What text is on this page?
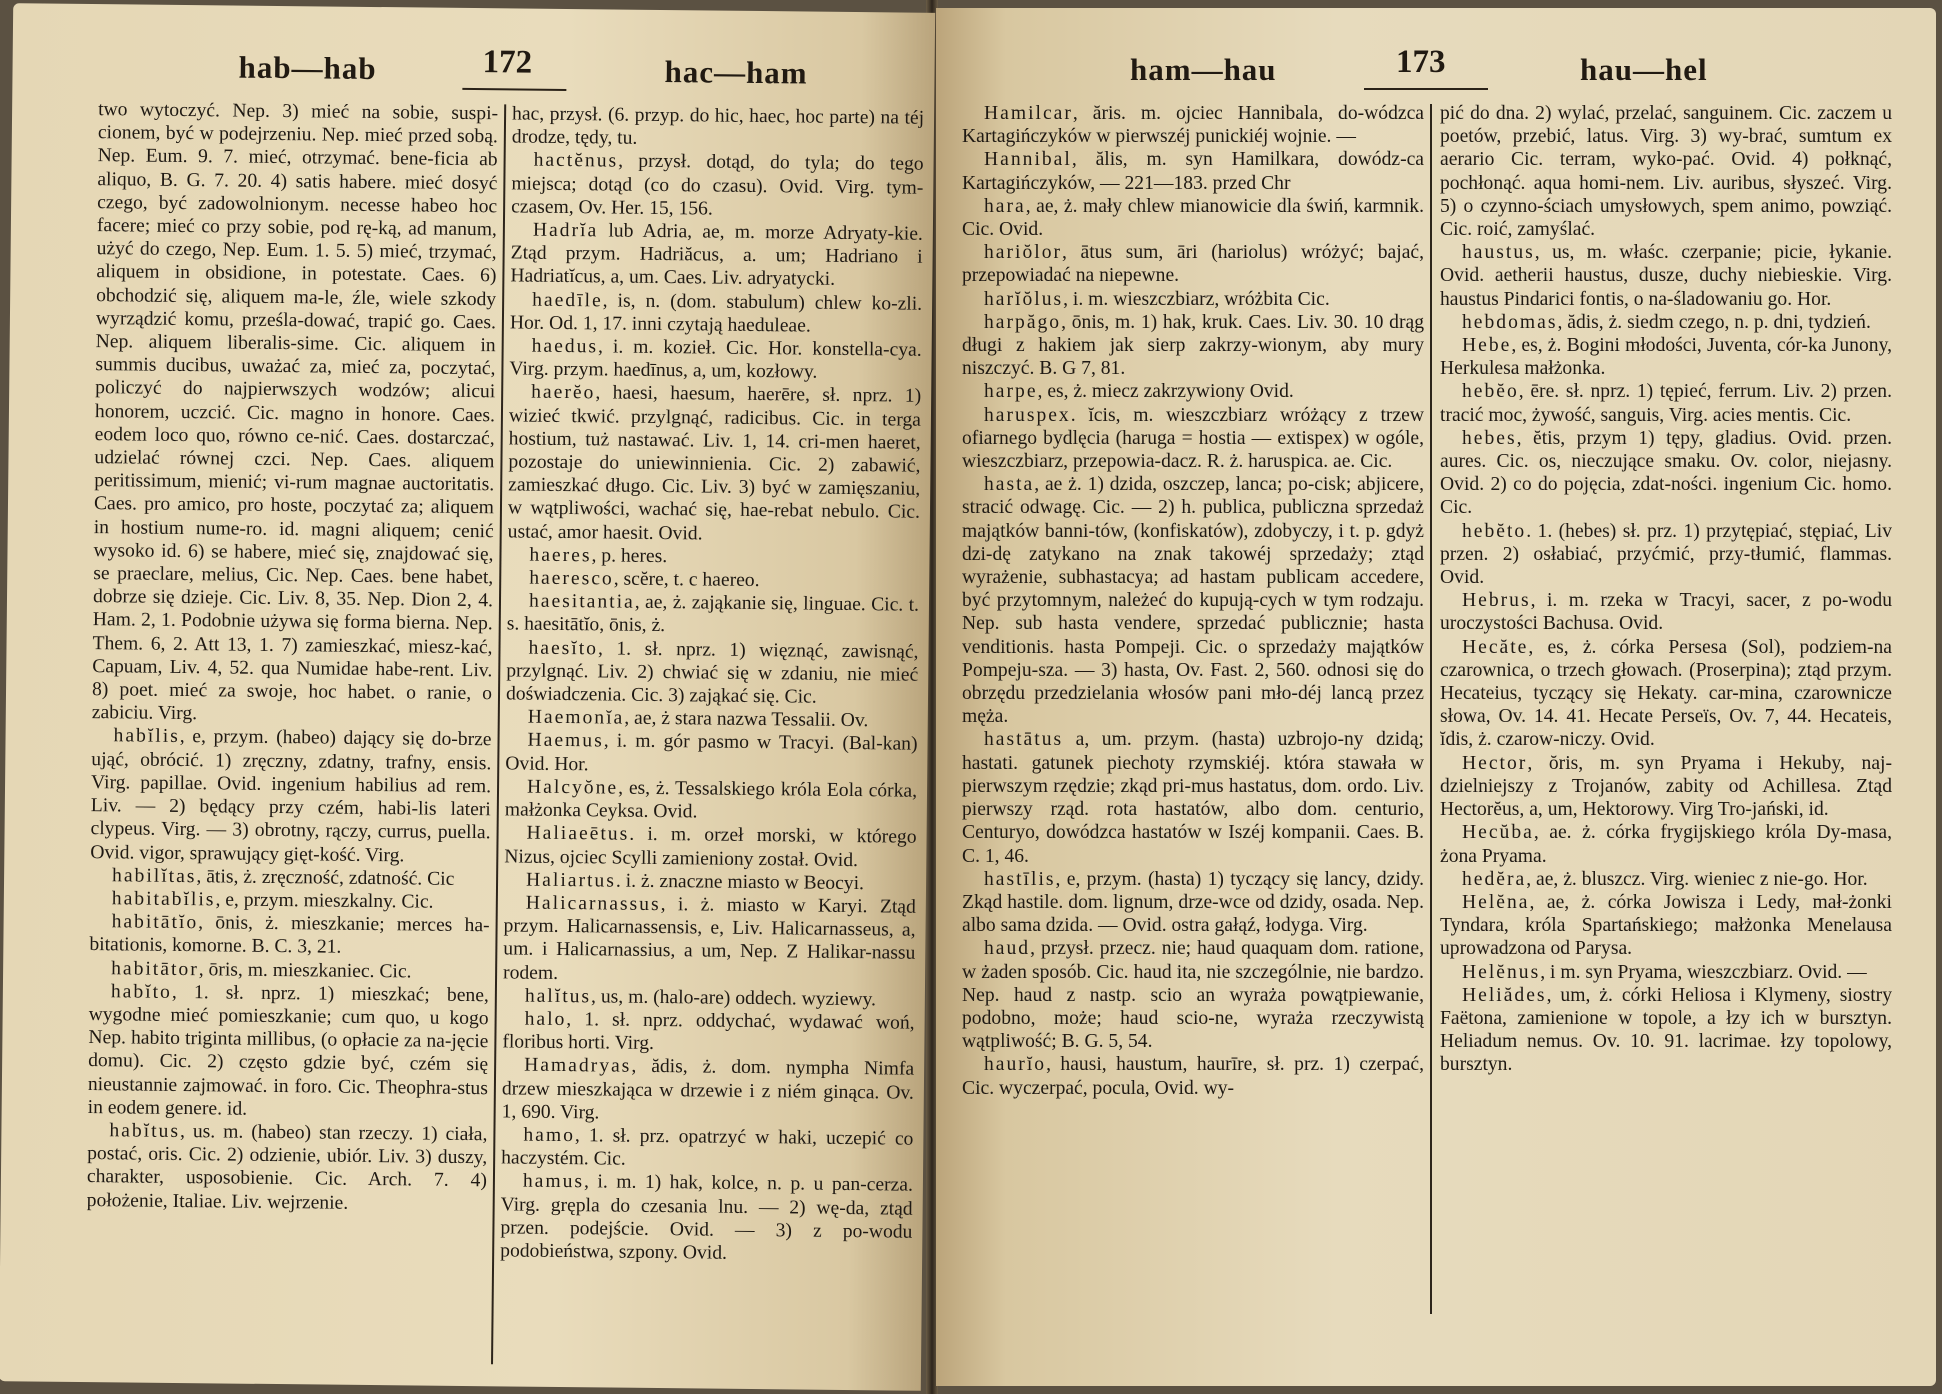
hab—hab	172	hac—ham

two wytoczyć. Nep. 3) mieć na sobie, suspi-cionem, być w podejrzeniu. Nep. mieć przed sobą. Nep. Eum. 9. 7. mieć, otrzymać. bene-ficia ab aliquo, B. G. 7. 20. 4) satis habere. mieć dosyć czego, być zadowolnionym. necesse habeo hoc facere; mieć co przy sobie, pod rę-ką, ad manum, użyć do czego, Nep. Eum. 1. 5. 5) mieć, trzymać, aliquem in obsidione, in potestate. Caes. 6) obchodzić się, aliquem ma-le, źle, wiele szkody wyrządzić komu, prześla-dować, trapić go. Caes. Nep. aliquem liberalis-sime. Cic. aliquem in summis ducibus, uważać za, mieć za, poczytać, policzyć do najpierwszych wodzów; alicui honorem, uczcić. Cic. magno in honore. Caes. eodem loco quo, równo ce-nić. Caes. dostarczać, udzielać równej czci. Nep. Caes. aliquem peritissimum, mienić; vi-rum magnae auctoritatis. Caes. pro amico, pro hoste, poczytać za; aliquem in hostium nume-ro. id. magni aliquem; cenić wysoko id. 6) se habere, mieć się, znajdować się, se praeclare, melius, Cic. Nep. Caes. bene habet, dobrze się dzieje. Cic. Liv. 8, 35. Nep. Dion 2, 4. Ham. 2, 1. Podobnie używa się forma bierna. Nep. Them. 6, 2. Att 13, 1. 7) zamieszkać, miesz-kać, Capuam, Liv. 4, 52. qua Numidae habe-rent. Liv. 8) poet. mieć za swoje, hoc habet. o ranie, o zabiciu. Virg.

habĭlis, e, przym. (habeo) dający się do-brze ująć, obrócić. 1) zręczny, zdatny, trafny, ensis. Virg. papillae. Ovid. ingenium habilius ad rem. Liv. — 2) będący przy czém, habi-lis lateri clypeus. Virg. — 3) obrotny, rączy, currus, puella. Ovid. vigor, sprawujący gięt-kość. Virg.

habilĭtas, ātis, ż. zręczność, zdatność. Cic

habitabĭlis, e, przym. mieszkalny. Cic.

habitātĭo, ōnis, ż. mieszkanie; merces ha-bitationis, komorne. B. C. 3, 21.

habitātor, ōris, m. mieszkaniec. Cic.

habĭto, 1. sł. nprz. 1) mieszkać; bene, wygodne mieć pomieszkanie; cum quo, u kogo Nep. habito triginta millibus, (o opłacie za na-jęcie domu). Cic. 2) często gdzie być, czém się nieustannie zajmować. in foro. Cic. Theophra-stus in eodem genere. id.

habĭtus, us. m. (habeo) stan rzeczy. 1) ciała, postać, oris. Cic. 2) odzienie, ubiór. Liv. 3) duszy, charakter, usposobienie. Cic. Arch. 7. 4) położenie, Italiae. Liv. wejrzenie.

hac, przysł. (6. przyp. do hic, haec, hoc parte) na téj drodze, tędy, tu.

hactĕnus, przysł. dotąd, do tyla; do tego miejsca; dotąd (co do czasu). Ovid. Virg. tym-czasem, Ov. Her. 15, 156.

Hadrĭa lub Adria, ae, m. morze Adryaty-kie. Ztąd przym. Hadriăcus, a. um; Hadriano i Hadriatĭcus, a, um. Caes. Liv. adryatycki.

haedīle, is, n. (dom. stabulum) chlew ko-zli. Hor. Od. 1, 17. inni czytają haeduleae.

haedus, i. m. kozieł. Cic. Hor. konstella-cya. Virg. przym. haedīnus, a, um, kozłowy.

haerĕo, haesi, haesum, haerēre, sł. nprz. 1) wizieć tkwić. przylgnąć, radicibus. Cic. in terga hostium, tuż nastawać. Liv. 1, 14. cri-men haeret, pozostaje do uniewinnienia. Cic. 2) zabawić, zamieszkać długo. Cic. Liv. 3) być w zamięszaniu, w wątpliwości, wachać się, hae-rebat nebulo. Cic. ustać, amor haesit. Ovid.

haeres, p. heres.

haeresco, scĕre, t. c haereo.

haesitantia, ae, ż. zająkanie się, linguae. Cic. t. s. haesitātĭo, ōnis, ż.

haesĭto, 1. sł. nprz. 1) więznąć, zawisnąć, przylgnąć. Liv. 2) chwiać się w zdaniu, nie mieć doświadczenia. Cic. 3) zająkać się. Cic.

Haemonĭa, ae, ż stara nazwa Tessalii. Ov.

Haemus, i. m. gór pasmo w Tracyi. (Bal-kan) Ovid. Hor.

Halcyŏne, es, ż. Tessalskiego króla Eola córka, małżonka Ceyksa. Ovid.

Haliaeētus. i. m. orzeł morski, w którego Nizus, ojciec Scylli zamieniony został. Ovid.

Haliartus. i. ż. znaczne miasto w Beocyi.

Halicarnassus, i. ż. miasto w Karyi. Ztąd przym. Halicarnassensis, e, Liv. Halicarnasseus, a, um. i Halicarnassius, a um, Nep. Z Halikar-nassu rodem.

halĭtus, us, m. (halo-are) oddech. wyziewy.

halo, 1. sł. nprz. oddychać, wydawać woń, floribus horti. Virg.

Hamadryas, ădis, ż. dom. nympha Nimfa drzew mieszkająca w drzewie i z niém ginąca. Ov. 1, 690. Virg.

hamo, 1. sł. prz. opatrzyć w haki, uczepić co haczystém. Cic.

hamus, i. m. 1) hak, kolce, n. p. u pan-cerza. Virg. grępla do czesania lnu. — 2) wę-da, ztąd przen. podejście. Ovid. — 3) z po-wodu podobieństwa, szpony. Ovid.

ham—hau	173	hau—hel

Hamilcar, ăris. m. ojciec Hannibala, do-wódzca Kartagińczyków w pierwszéj punickiéj wojnie. —

Hannibal, ălis, m. syn Hamilkara, dowódz-ca Kartagińczyków, — 221—183. przed Chr

hara, ae, ż. mały chlew mianowicie dla świń, karmnik. Cic. Ovid.

hariŏlor, ātus sum, āri (hariolus) wróżyć; bajać, przepowiadać na niepewne.

harĭŏlus, i. m. wieszczbiarz, wróżbita Cic.

harpăgo, ōnis, m. 1) hak, kruk. Caes. Liv. 30. 10 drąg długi z hakiem jak sierp zakrzy-wionym, aby mury niszczyć. B. G 7, 81.

harpe, es, ż. miecz zakrzywiony Ovid.

haruspex. ĭcis, m. wieszczbiarz wróżący z trzew ofiarnego bydlęcia (haruga = hostia — extispex) w ogóle, wieszczbiarz, przepowia-dacz. R. ż. haruspica. ae. Cic.

hasta, ae ż. 1) dzida, oszczep, lanca; po-cisk; abjicere, stracić odwagę. Cic. — 2) h. publica, publiczna sprzedaż majątków banni-tów, (konfiskatów), zdobyczy, i t. p. gdyż dzi-dę zatykano na znak takowéj sprzedaży; ztąd wyrażenie, subhastacya; ad hastam publicam accedere, być przytomnym, należeć do kupują-cych w tym rodzaju. Nep. sub hasta vendere, sprzedać publicznie; hasta venditionis. hasta Pompeji. Cic. o sprzedaży majątków Pompeju-sza. — 3) hasta, Ov. Fast. 2, 560. odnosi się do obrzędu przedzielania włosów pani mło-déj lancą przez męża.

hastātus a, um. przym. (hasta) uzbrojo-ny dzidą; hastati. gatunek piechoty rzymskiéj. która stawała w pierwszym rzędzie; zkąd pri-mus hastatus, dom. ordo. Liv. pierwszy rząd. rota hastatów, albo dom. centurio, Centuryo, dowódzca hastatów w Iszéj kompanii. Caes. B. C. 1, 46.

hastīlis, e, przym. (hasta) 1) tyczący się lancy, dzidy. Zkąd hastile. dom. lignum, drze-wce od dzidy, osada. Nep. albo sama dzida. — Ovid. ostra gałąź, łodyga. Virg.

haud, przysł. przecz. nie; haud quaquam dom. ratione, w żaden sposób. Cic. haud ita, nie szczególnie, nie bardzo. Nep. haud z nastp. scio an wyraża powątpiewanie, podobno, może; haud scio-ne, wyraża rzeczywistą wątpliwość; B. G. 5, 54.

haurĭo, hausi, haustum, haurīre, sł. prz. 1) czerpać, Cic. wyczerpać, pocula, Ovid. wy-

pić do dna. 2) wylać, przelać, sanguinem. Cic. zaczem u poetów, przebić, latus. Virg. 3) wy-brać, sumtum ex aerario Cic. terram, wyko-pać. Ovid. 4) połknąć, pochłonąć. aqua homi-nem. Liv. auribus, słyszeć. Virg. 5) o czynno-ściach umysłowych, spem animo, powziąć. Cic. roić, zamyślać.

haustus, us, m. właśc. czerpanie; picie, łykanie. Ovid. aetherii haustus, dusze, duchy niebieskie. Virg. haustus Pindarici fontis, o na-śladowaniu go. Hor.

hebdomas, ădis, ż. siedm czego, n. p. dni, tydzień.

Hebe, es, ż. Bogini młodości, Juventa, cór-ka Junony, Herkulesa małżonka.

hebĕo, ēre. sł. nprz. 1) tępieć, ferrum. Liv. 2) przen. tracić moc, żywość, sanguis, Virg. acies mentis. Cic.

hebes, ĕtis, przym 1) tępy, gladius. Ovid. przen. aures. Cic. os, nieczujące smaku. Ov. color, niejasny. Ovid. 2) co do pojęcia, zdat-ności. ingenium Cic. homo. Cic.

hebĕto. 1. (hebes) sł. prz. 1) przytępiać, stępiać, Liv przen. 2) osłabiać, przyćmić, przy-tłumić, flammas. Ovid.

Hebrus, i. m. rzeka w Tracyi, sacer, z po-wodu uroczystości Bachusa. Ovid.

Hecăte, es, ż. córka Persesa (Sol), podziem-na czarownica, o trzech głowach. (Proserpina); ztąd przym. Hecateius, tyczący się Hekaty. car-mina, czarownicze słowa, Ov. 14. 41. Hecate Perseïs, Ov. 7, 44. Hecateis, ĭdis, ż. czarow-niczy. Ovid.

Hector, ŏris, m. syn Pryama i Hekuby, naj-dzielniejszy z Trojanów, zabity od Achillesa. Ztąd Hectorĕus, a, um, Hektorowy. Virg Tro-jański, id.

Hecŭba, ae. ż. córka frygijskiego króla Dy-masa, żona Pryama.

hedĕra, ae, ż. bluszcz. Virg. wieniec z nie-go. Hor.

Helĕna, ae, ż. córka Jowisza i Ledy, mał-żonki Tyndara, króla Spartańskiego; małżonka Menelausa uprowadzona od Parysa.

Helĕnus, i m. syn Pryama, wieszczbiarz. Ovid. —

Heliădes, um, ż. córki Heliosa i Klymeny, siostry Faëtona, zamienione w topole, a łzy ich w bursztyn. Heliadum nemus. Ov. 10. 91. lacrimae. łzy topolowy, bursztyn.
